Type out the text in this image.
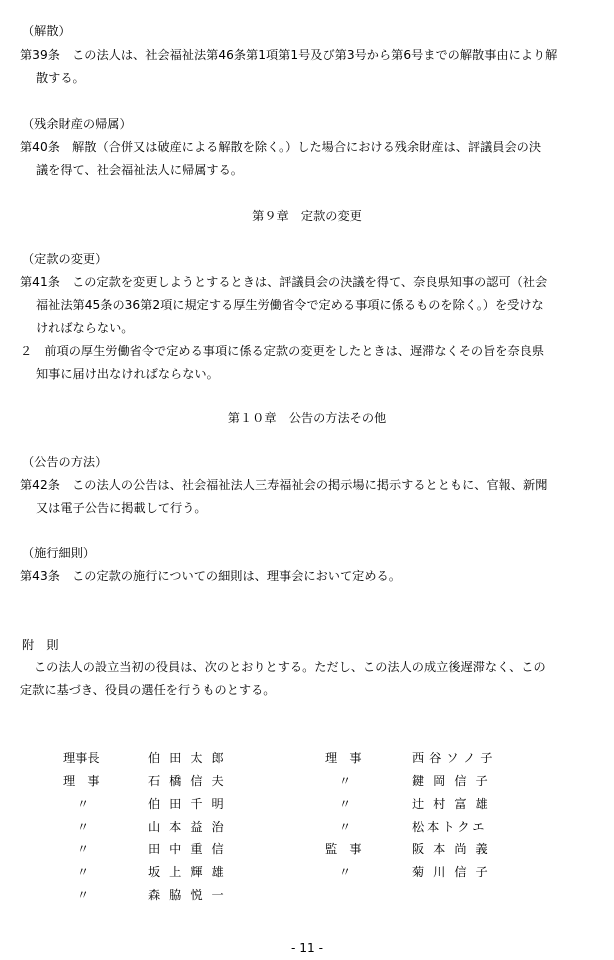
（解散）
第39条　この法人は、社会福祉法第46条第1項第1号及び第3号から第6号までの解散事由により解
散する。
（残余財産の帰属）
第40条　解散（合併又は破産による解散を除く。）した場合における残余財産は、評議員会の決
議を得て、社会福祉法人に帰属する。
第９章　定款の変更
（定款の変更）
第41条　この定款を変更しようとするときは、評議員会の決議を得て、奈良県知事の認可（社会
福祉法第45条の36第2項に規定する厚生労働省令で定める事項に係るものを除く。）を受けな
ければならない。
２　前項の厚生労働省令で定める事項に係る定款の変更をしたときは、遅滞なくその旨を奈良県
知事に届け出なければならない。
第１０章　公告の方法その他
（公告の方法）
第42条　この法人の公告は、社会福祉法人三寿福祉会の掲示場に掲示するとともに、官報、新聞
又は電子公告に掲載して行う。
（施行細則）
第43条　この定款の施行についての細則は、理事会において定める。
附　則
この法人の設立当初の役員は、次のとおりとする。ただし、この法人の成立後遅滞なく、この
定款に基づき、役員の選任を行うものとする。
理事長	伯田太郎
理　事	石橋信夫
〃	伯田千明
〃	山本益治
〃	田中重信
〃	坂上輝雄
〃	森脇悦一
理　事	西谷ソノ子
〃	鍵岡信子
〃	辻村富雄
〃	松本トクエ
監　事	阪本尚義
〃	菊川信子
- 11 -
